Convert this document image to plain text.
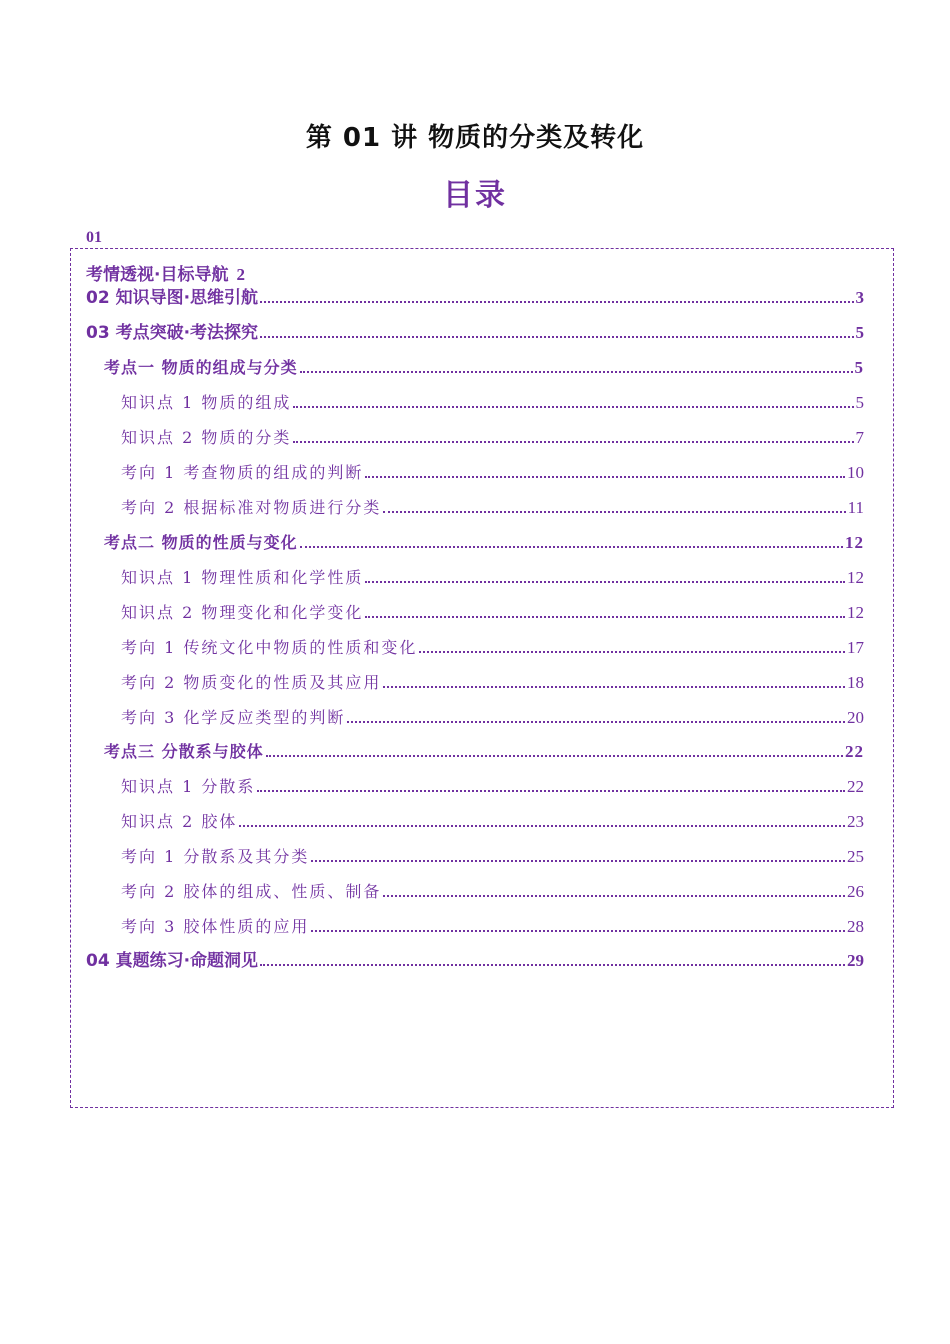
第 01 讲 物质的分类及转化
目录
01
考情透视·目标导航 2
02 知识导图·思维引航	3
03 考点突破·考法探究	5
考点一 物质的组成与分类	5
知识点 1 物质的组成	5
知识点 2 物质的分类	7
考向 1 考查物质的组成的判断	10
考向 2 根据标准对物质进行分类	11
考点二 物质的性质与变化	12
知识点 1 物理性质和化学性质	12
知识点 2 物理变化和化学变化	12
考向 1 传统文化中物质的性质和变化	17
考向 2 物质变化的性质及其应用	18
考向 3 化学反应类型的判断	20
考点三 分散系与胶体	22
知识点 1 分散系	22
知识点 2 胶体	23
考向 1 分散系及其分类	25
考向 2 胶体的组成、性质、制备	26
考向 3 胶体性质的应用	28
04 真题练习·命题洞见	29
